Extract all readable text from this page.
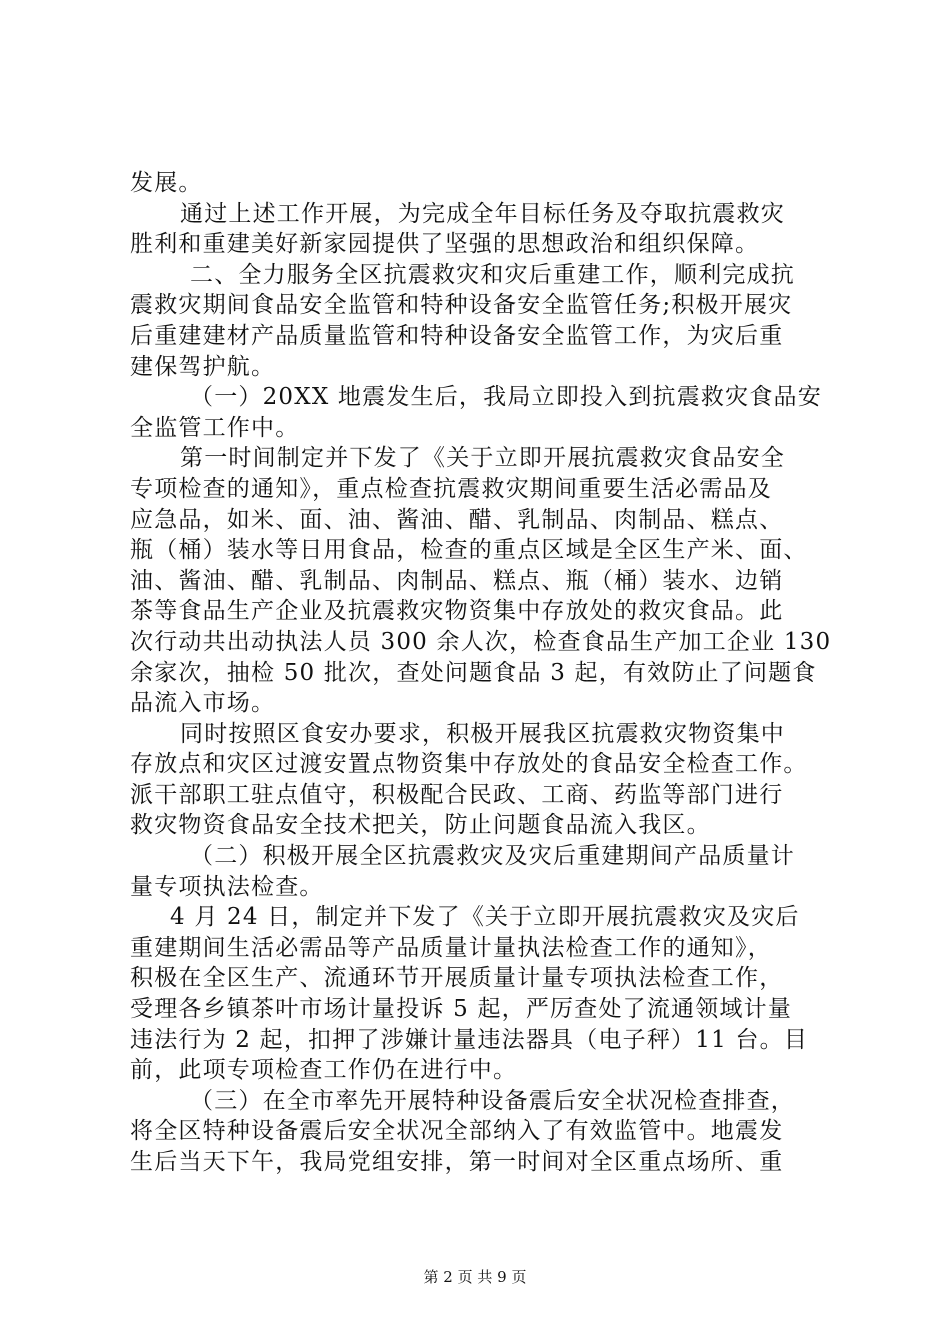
发展。
通过上述工作开展，为完成全年目标任务及夺取抗震救灾
胜利和重建美好新家园提供了坚强的思想政治和组织保障。
二、全力服务全区抗震救灾和灾后重建工作，顺利完成抗
震救灾期间食品安全监管和特种设备安全监管任务;积极开展灾
后重建建材产品质量监管和特种设备安全监管工作，为灾后重
建保驾护航。
（一）20XX 地震发生后，我局立即投入到抗震救灾食品安
全监管工作中。
第一时间制定并下发了《关于立即开展抗震救灾食品安全
专项检查的通知》，重点检查抗震救灾期间重要生活必需品及
应急品，如米、面、油、酱油、醋、乳制品、肉制品、糕点、
瓶（桶）装水等日用食品，检查的重点区域是全区生产米、面、
油、酱油、醋、乳制品、肉制品、糕点、瓶（桶）装水、边销
茶等食品生产企业及抗震救灾物资集中存放处的救灾食品。此
次行动共出动执法人员 300 余人次，检查食品生产加工企业 130
余家次，抽检 50 批次，查处问题食品 3 起，有效防止了问题食
品流入市场。
同时按照区食安办要求，积极开展我区抗震救灾物资集中
存放点和灾区过渡安置点物资集中存放处的食品安全检查工作。
派干部职工驻点值守，积极配合民政、工商、药监等部门进行
救灾物资食品安全技术把关，防止问题食品流入我区。
（二）积极开展全区抗震救灾及灾后重建期间产品质量计
量专项执法检查。
4 月 24 日，制定并下发了《关于立即开展抗震救灾及灾后
重建期间生活必需品等产品质量计量执法检查工作的通知》，
积极在全区生产、流通环节开展质量计量专项执法检查工作，
受理各乡镇茶叶市场计量投诉 5 起，严厉查处了流通领域计量
违法行为 2 起，扣押了涉嫌计量违法器具（电子秤）11 台。目
前，此项专项检查工作仍在进行中。
（三）在全市率先开展特种设备震后安全状况检查排查，
将全区特种设备震后安全状况全部纳入了有效监管中。地震发
生后当天下午，我局党组安排，第一时间对全区重点场所、重
第 2 页 共 9 页
